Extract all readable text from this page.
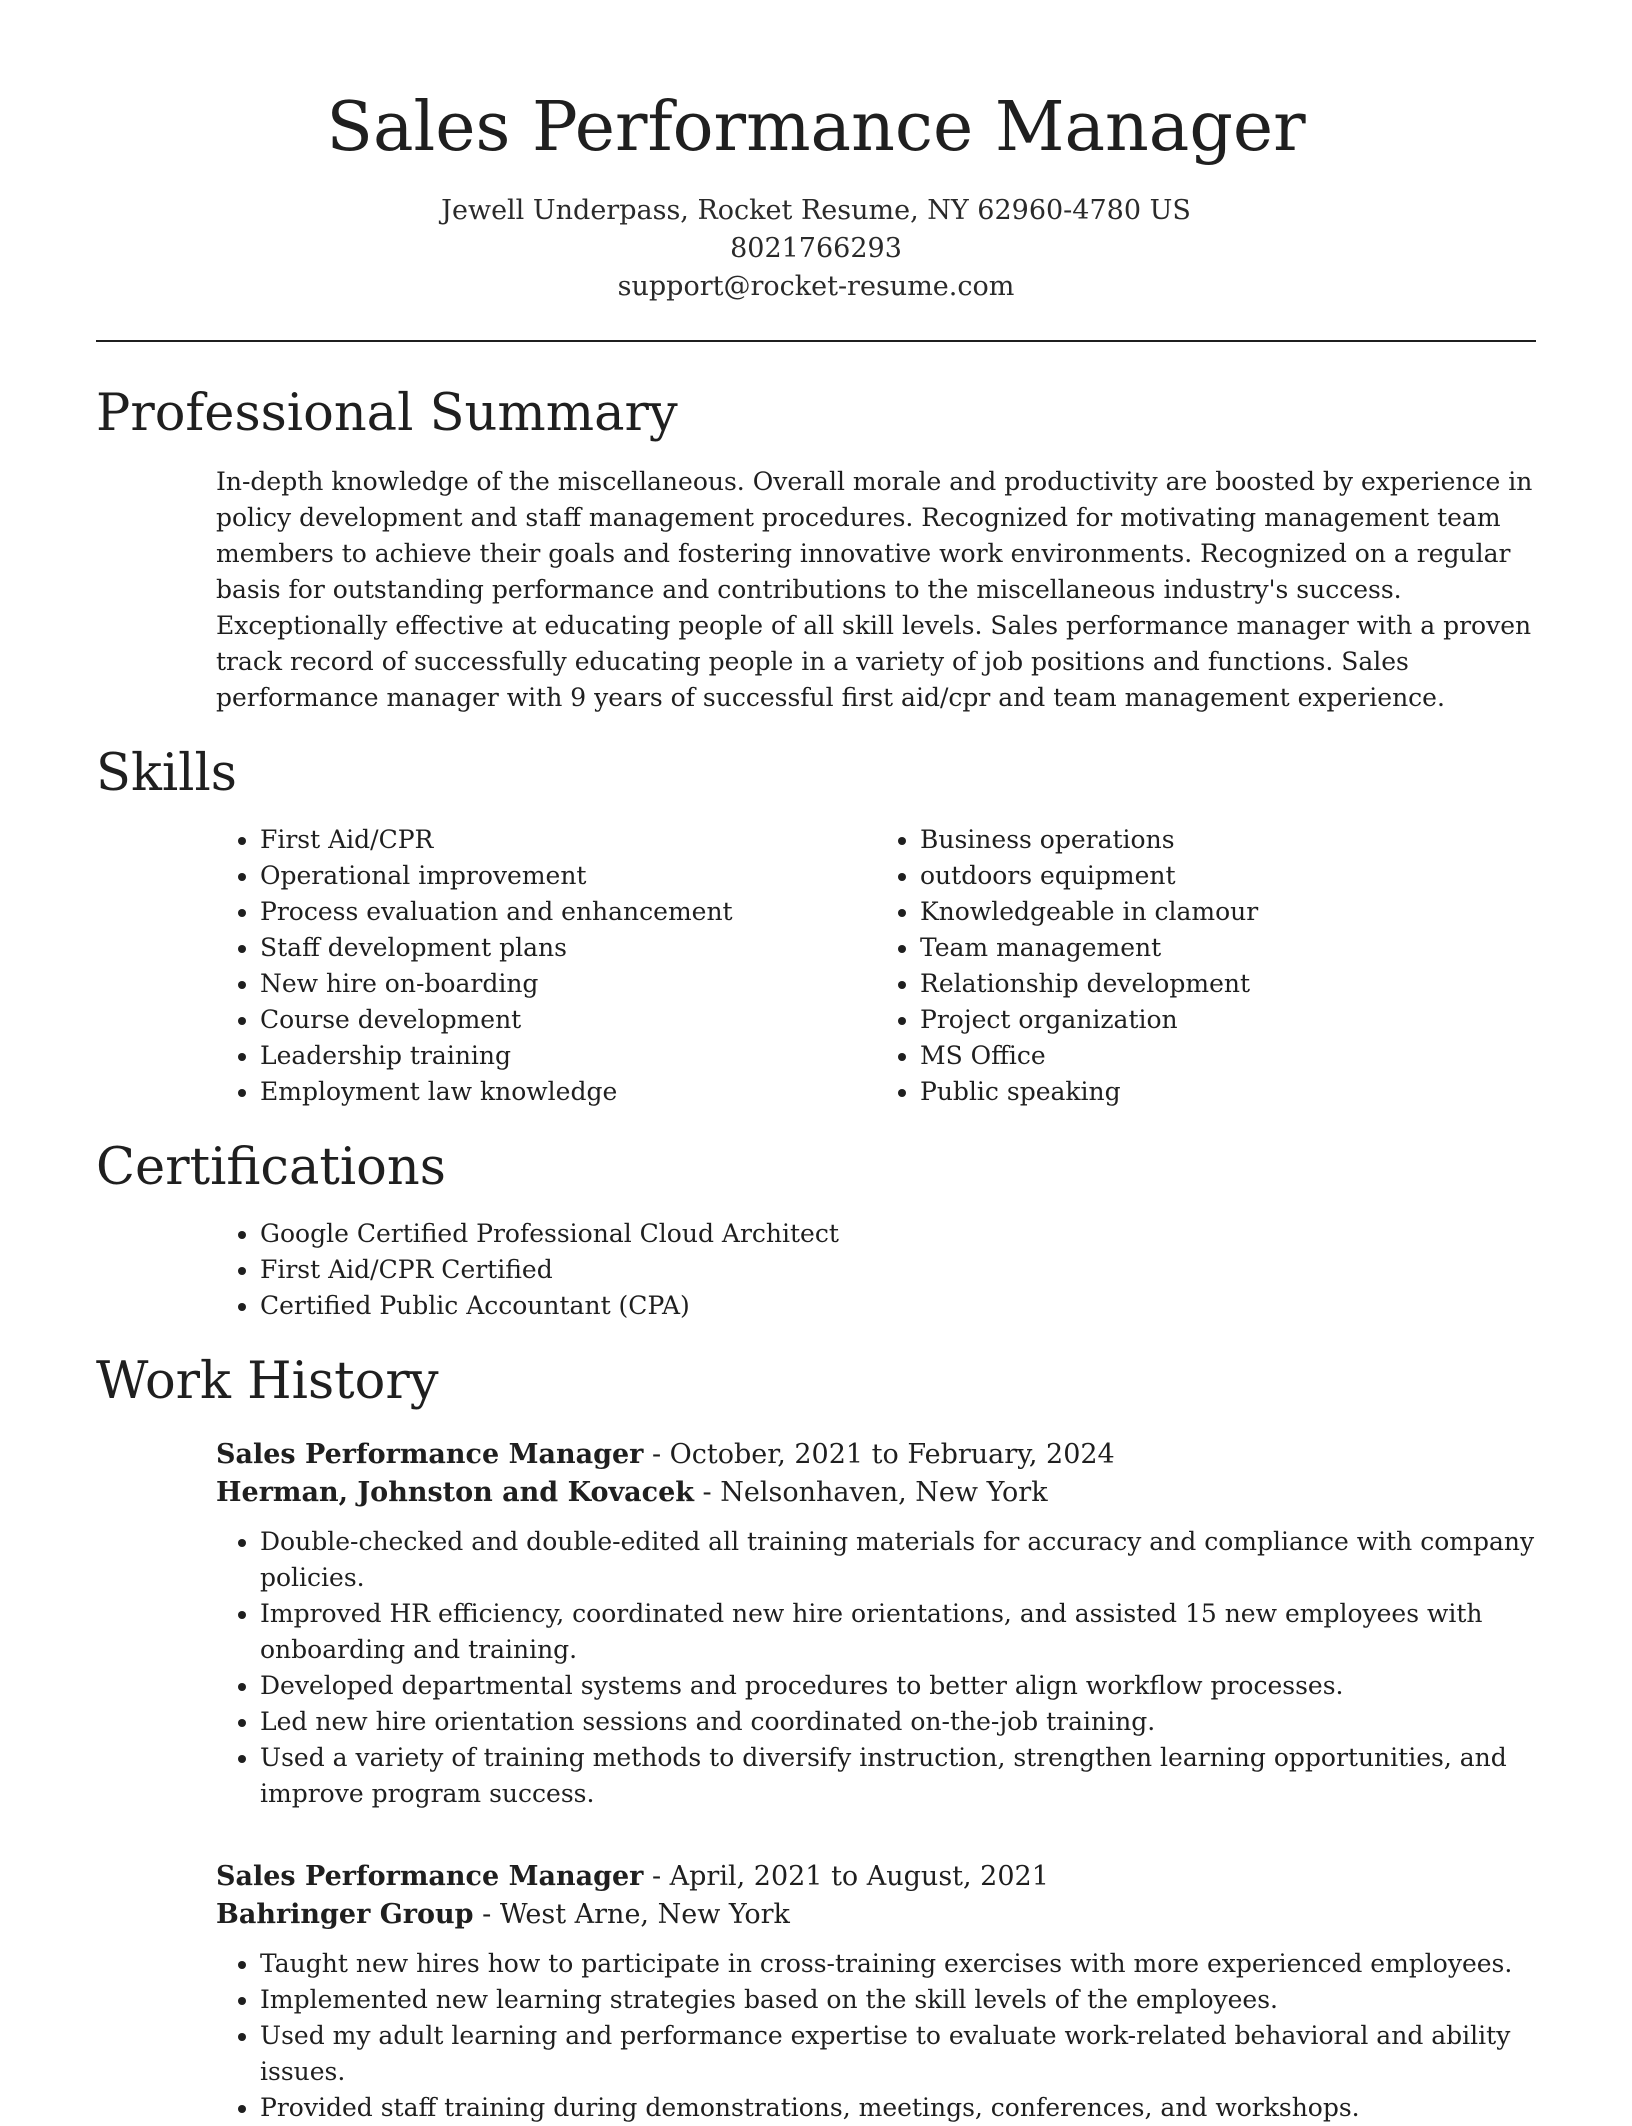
Sales Performance Manager
Jewell Underpass, Rocket Resume, NY 62960-4780 US
8021766293
support@rocket-resume.com
Professional Summary

In-depth knowledge of the miscellaneous. Overall morale and productivity are boosted by experience in policy development and staff management procedures. Recognized for motivating management team members to achieve their goals and fostering innovative work environments. Recognized on a regular basis for outstanding performance and contributions to the miscellaneous industry's success. Exceptionally effective at educating people of all skill levels. Sales performance manager with a proven track record of successfully educating people in a variety of job positions and functions. Sales performance manager with 9 years of successful first aid/cpr and team management experience.

Skills
• First Aid/CPR
• Operational improvement
• Process evaluation and enhancement
• Staff development plans
• New hire on-boarding
• Course development
• Leadership training
• Employment law knowledge
• Business operations
• outdoors equipment
• Knowledgeable in clamour
• Team management
• Relationship development
• Project organization
• MS Office
• Public speaking
Certifications
• Google Certified Professional Cloud Architect
• First Aid/CPR Certified
• Certified Public Accountant (CPA)
Work History
Sales Performance Manager - October, 2021 to February, 2024
Herman, Johnston and Kovacek - Nelsonhaven, New York
• Double-checked and double-edited all training materials for accuracy and compliance with company policies.
• Improved HR efficiency, coordinated new hire orientations, and assisted 15 new employees with onboarding and training.
• Developed departmental systems and procedures to better align workflow processes.
• Led new hire orientation sessions and coordinated on-the-job training.
• Used a variety of training methods to diversify instruction, strengthen learning opportunities, and improve program success.
Sales Performance Manager - April, 2021 to August, 2021
Bahringer Group - West Arne, New York
• Taught new hires how to participate in cross-training exercises with more experienced employees.
• Implemented new learning strategies based on the skill levels of the employees.
• Used my adult learning and performance expertise to evaluate work-related behavioral and ability issues.
• Provided staff training during demonstrations, meetings, conferences, and workshops.
